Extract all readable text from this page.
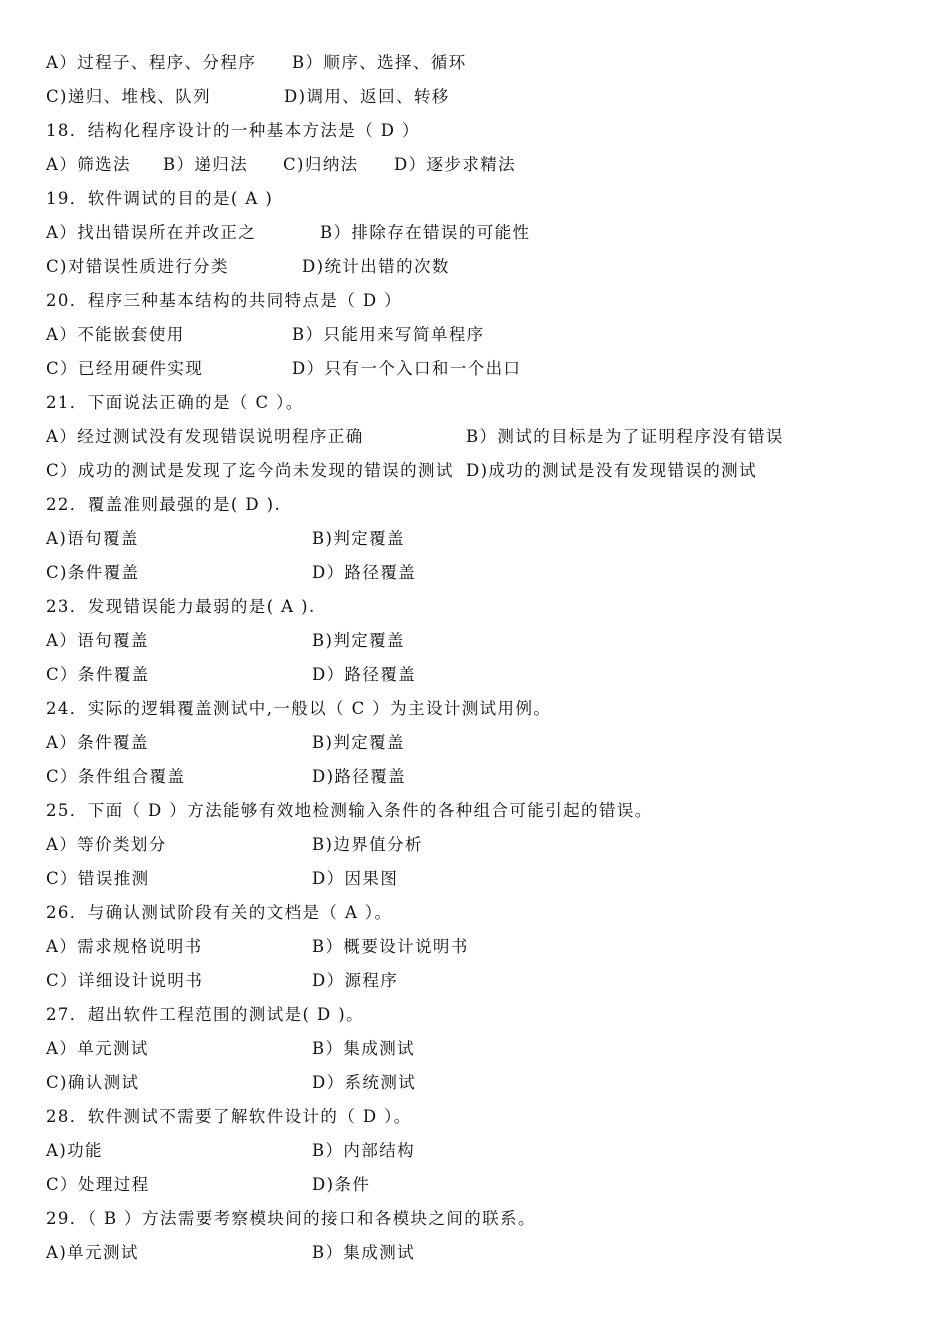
A）过程子、程序、分程序 B）顺序、选择、循环
C)递归、堆栈、队列	D)调用、返回、转移
18．结构化程序设计的一种基本方法是（ D ）
A）筛选法 B）递归法 C)归纳法 D）逐步求精法
19．软件调试的目的是( A )
A）找出错误所在并改正之	B）排除存在错误的可能性
C)对错误性质进行分类	D)统计出错的次数
20．程序三种基本结构的共同特点是（ D ）
A）不能嵌套使用	B）只能用来写简单程序
C）已经用硬件实现	D）只有一个入口和一个出口
21．下面说法正确的是（ C ）。
A）经过测试没有发现错误说明程序正确	B）测试的目标是为了证明程序没有错误
C）成功的测试是发现了迄今尚未发现的错误的测试 D)成功的测试是没有发现错误的测试
22．覆盖准则最强的是( D ).
A)语句覆盖	B)判定覆盖
C)条件覆盖	D）路径覆盖
23．发现错误能力最弱的是( A ).
A）语句覆盖	B)判定覆盖
C）条件覆盖	D）路径覆盖
24．实际的逻辑覆盖测试中,一般以（ C ）为主设计测试用例。
A）条件覆盖	B)判定覆盖
C）条件组合覆盖	D)路径覆盖
25．下面（ D ）方法能够有效地检测输入条件的各种组合可能引起的错误。
A）等价类划分	B)边界值分析
C）错误推测	D）因果图
26．与确认测试阶段有关的文档是（ A ）。
A）需求规格说明书	B）概要设计说明书
C）详细设计说明书	D）源程序
27．超出软件工程范围的测试是( D )。
A）单元测试	B）集成测试
C)确认测试	D）系统测试
28．软件测试不需要了解软件设计的（ D ）。
A)功能	B）内部结构
C）处理过程	D)条件
29．（ B ）方法需要考察模块间的接口和各模块之间的联系。
A)单元测试	B）集成测试
